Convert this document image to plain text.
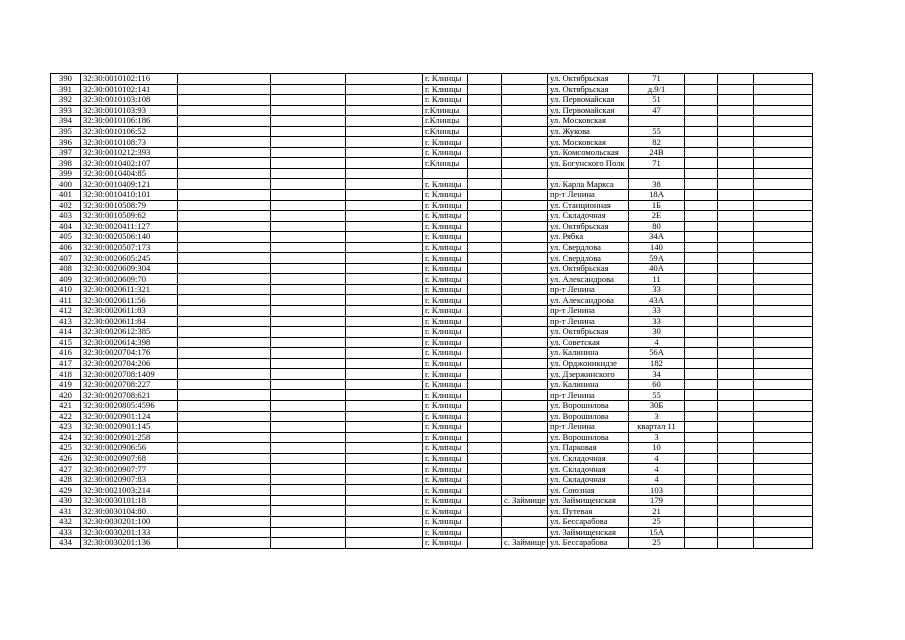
390	32:30:0010102:116				г. Клинцы			ул. Октябрьская	71			
391	32:30:0010102:141				г. Клинцы			ул. Октябрьская	д.9/1			
392	32:30:0010103:108				г. Клинцы			ул. Первомайская	51			
393	32:30:0010103:93				г.Клинцы			ул. Первомайская	47			
394	32:30:0010106:186				г.Клинцы			ул. Московская				
395	32:30:0010106:52				г.Клинцы			ул. Жукова	55			
396	32:30:0010108:73				г. Клинцы			ул. Московская	82			
397	32:30:0010212:393				г. Клинцы			ул. Комсомольская	24В			
398	32:30:0010402:107				г.Клинцы			ул. Богунского Полк	71			
399	32:30:0010404:85											
400	32:30:0010409:121				г. Клинцы			ул. Карла Маркса	38			
401	32:30:0010410:101				г. Клинцы			пр-т Ленина	18А			
402	32:30:0010508:79				г. Клинцы			ул. Станционная	1Б			
403	32:30:0010509:62				г. Клинцы			ул. Складочная	2Е			
404	32:30:0020411:127				г. Клинцы			ул. Октябрьская	80			
405	32:30:0020506:140				г. Клинцы			ул. Рябка	34А			
406	32:30:0020507:173				г. Клинцы			ул. Свердлова	140			
407	32:30:0020605:245				г. Клинцы			ул. Свердлова	59А			
408	32:30:0020609:304				г. Клинцы			ул. Октябрьская	40А			
409	32:30:0020609:70				г. Клинцы			ул. Александрова	11			
410	32:30:0020611:321				г. Клинцы			пр-т Ленина	33			
411	32:30:0020611:56				г. Клинцы			ул. Александрова	43А			
412	32:30:0020611:83				г. Клинцы			пр-т Ленина	33			
413	32:30:0020611:84				г. Клинцы			пр-т Ленина	33			
414	32:30:0020612:385				г. Клинцы			ул. Октябрьская	30			
415	32:30:0020614:398				г. Клинцы			ул. Советская	4			
416	32:30:0020704:176				г. Клинцы			ул. Калинина	56А			
417	32:30:0020704:206				г. Клинцы			ул. Орджоникидзе	182			
418	32:30:0020708:1409				г. Клинцы			ул. Дзержинского	34			
419	32:30:0020708:227				г. Клинцы			ул. Калинина	60			
420	32:30:0020708:621				г. Клинцы			пр-т Ленина	55			
421	32:30:0020805:4596				г. Клинцы			ул. Ворошилова	30Б			
422	32:30:0020901:124				г. Клинцы			ул. Ворошилова	3			
423	32:30:0020901:145				г. Клинцы			пр-т Ленина	квартал 11			
424	32:30:0020901:258				г. Клинцы			ул. Ворошилова	3			
425	32:30:0020906:56				г. Клинцы			ул. Парковая	10			
426	32:30:0020907:68				г. Клинцы			ул. Складочная	4			
427	32:30:0020907:77				г. Клинцы			ул. Складочная	4			
428	32:30:0020907:83				г. Клинцы			ул. Складочная	4			
429	32:30:0021003:214				г. Клинцы			ул. Союзная	103			
430	32:30:0030101:18				г. Клинцы		с. Займище	ул. Займищенская	179			
431	32:30:0030104:80				г. Клинцы			ул. Путевая	21			
432	32:30:0030201:100				г. Клинцы			ул. Бессарабова	25			
433	32:30:0030201:133				г. Клинцы			ул. Займищенская	15А			
434	32:30:0030201:136				г. Клинцы		с. Займище	ул. Бессарабова	25			
